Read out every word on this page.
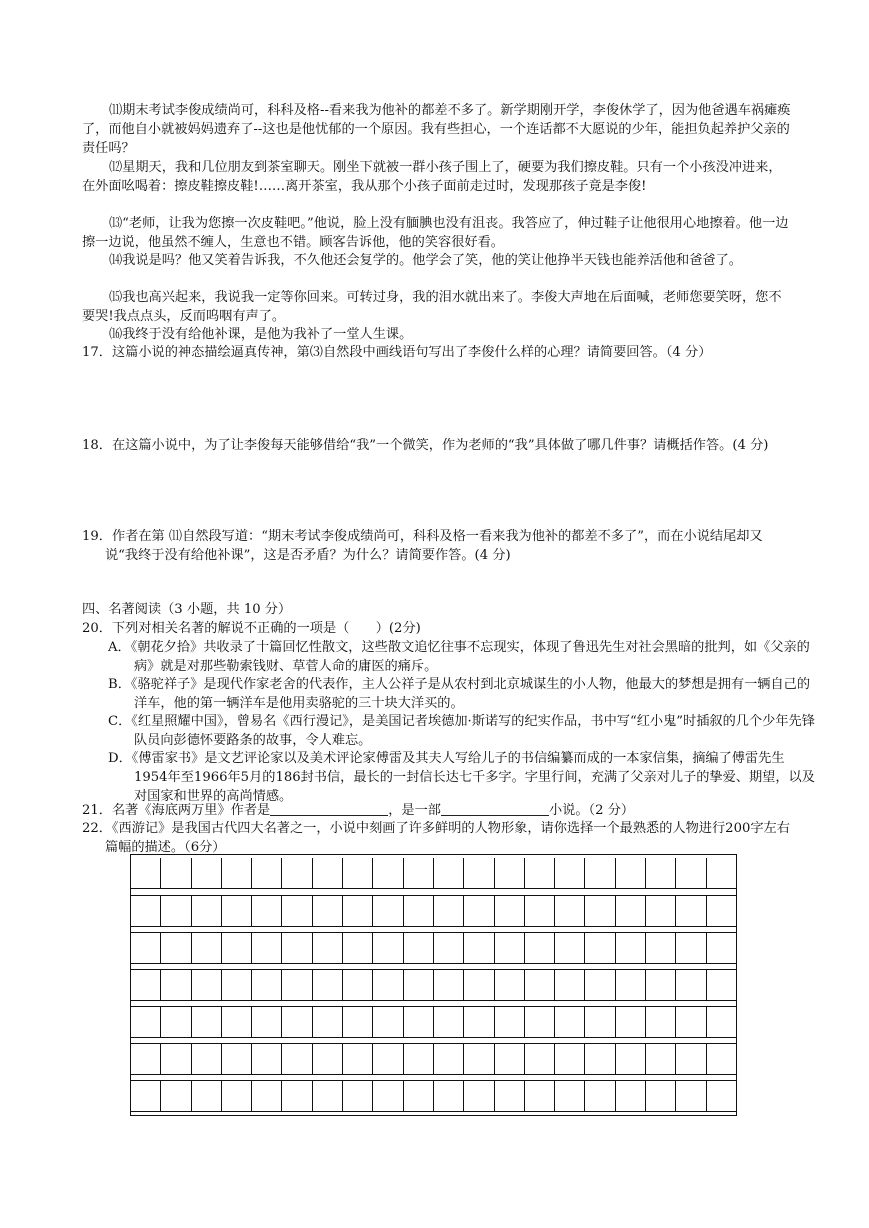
⑾期末考试李俊成绩尚可，科科及格--看来我为他补的都差不多了。新学期刚开学，李俊休学了，因为他爸遇车祸瘫痪了，而他自小就被妈妈遗弃了--这也是他忧郁的一个原因。我有些担心，一个连话都不大愿说的少年，能担负起养护父亲的责任吗？

⑿星期天，我和几位朋友到茶室聊天。刚坐下就被一群小孩子围上了，硬要为我们擦皮鞋。只有一个小孩没冲进来，在外面吆喝着：擦皮鞋擦皮鞋!……离开茶室，我从那个小孩子面前走过时，发现那孩子竟是李俊!

⒀“老师，让我为您擦一次皮鞋吧。”他说，脸上没有腼腆也没有沮丧。我答应了，伸过鞋子让他很用心地擦着。他一边擦一边说，他虽然不缠人，生意也不错。顾客告诉他，他的笑容很好看。

⒁我说是吗？他又笑着告诉我，不久他还会复学的。他学会了笑，他的笑让他挣半天钱也能养活他和爸爸了。

⒂我也高兴起来，我说我一定等你回来。可转过身，我的泪水就出来了。李俊大声地在后面喊，老师您要笑呀，您不要哭!我点点头，反而呜咽有声了。

⒃我终于没有给他补课，是他为我补了一堂人生课。

17．这篇小说的神态描绘逼真传神，第⑶自然段中画线语句写出了李俊什么样的心理？请简要回答。（4 分）
18．在这篇小说中，为了让李俊每天能够借给“我”一个微笑，作为老师的“我”具体做了哪几件事？请概括作答。(4 分)
19．作者在第 ⑾自然段写道：“期末考试李俊成绩尚可，科科及格一看来我为他补的都差不多了”，而在小说结尾却又说“我终于没有给他补课”，这是否矛盾？为什么？请简要作答。(4 分)
四、名著阅读（3 小题，共 10 分）
20．下列对相关名著的解说不正确的一项是（　　）(2分)
A．《朝花夕拾》共收录了十篇回忆性散文，这些散文追忆往事不忘现实，体现了鲁迅先生对社会黑暗的批判，如《父亲的病》就是对那些勒索钱财、草菅人命的庸医的痛斥。
B．《骆驼祥子》是现代作家老舍的代表作，主人公祥子是从农村到北京城谋生的小人物，他最大的梦想是拥有一辆自己的洋车，他的第一辆洋车是他用卖骆驼的三十块大洋买的。
C．《红星照耀中国》，曾易名《西行漫记》，是美国记者埃德加·斯诺写的纪实作品，书中写“红小鬼”时插叙的几个少年先锋队员向彭德怀要路条的故事，令人难忘。
D．《傅雷家书》是文艺评论家以及美术评论家傅雷及其夫人写给儿子的书信编纂而成的一本家信集，摘编了傅雷先生1954年至1966年5月的186封书信，最长的一封信长达七千多字。字里行间，充满了父亲对儿子的挚爱、期望，以及对国家和世界的高尚情感。
21．名著《海底两万里》作者是	，是一部	小说。（2 分）
22．《西游记》是我国古代四大名著之一，小说中刻画了许多鲜明的人物形象，请你选择一个最熟悉的人物进行200字左右篇幅的描述。（6分）
